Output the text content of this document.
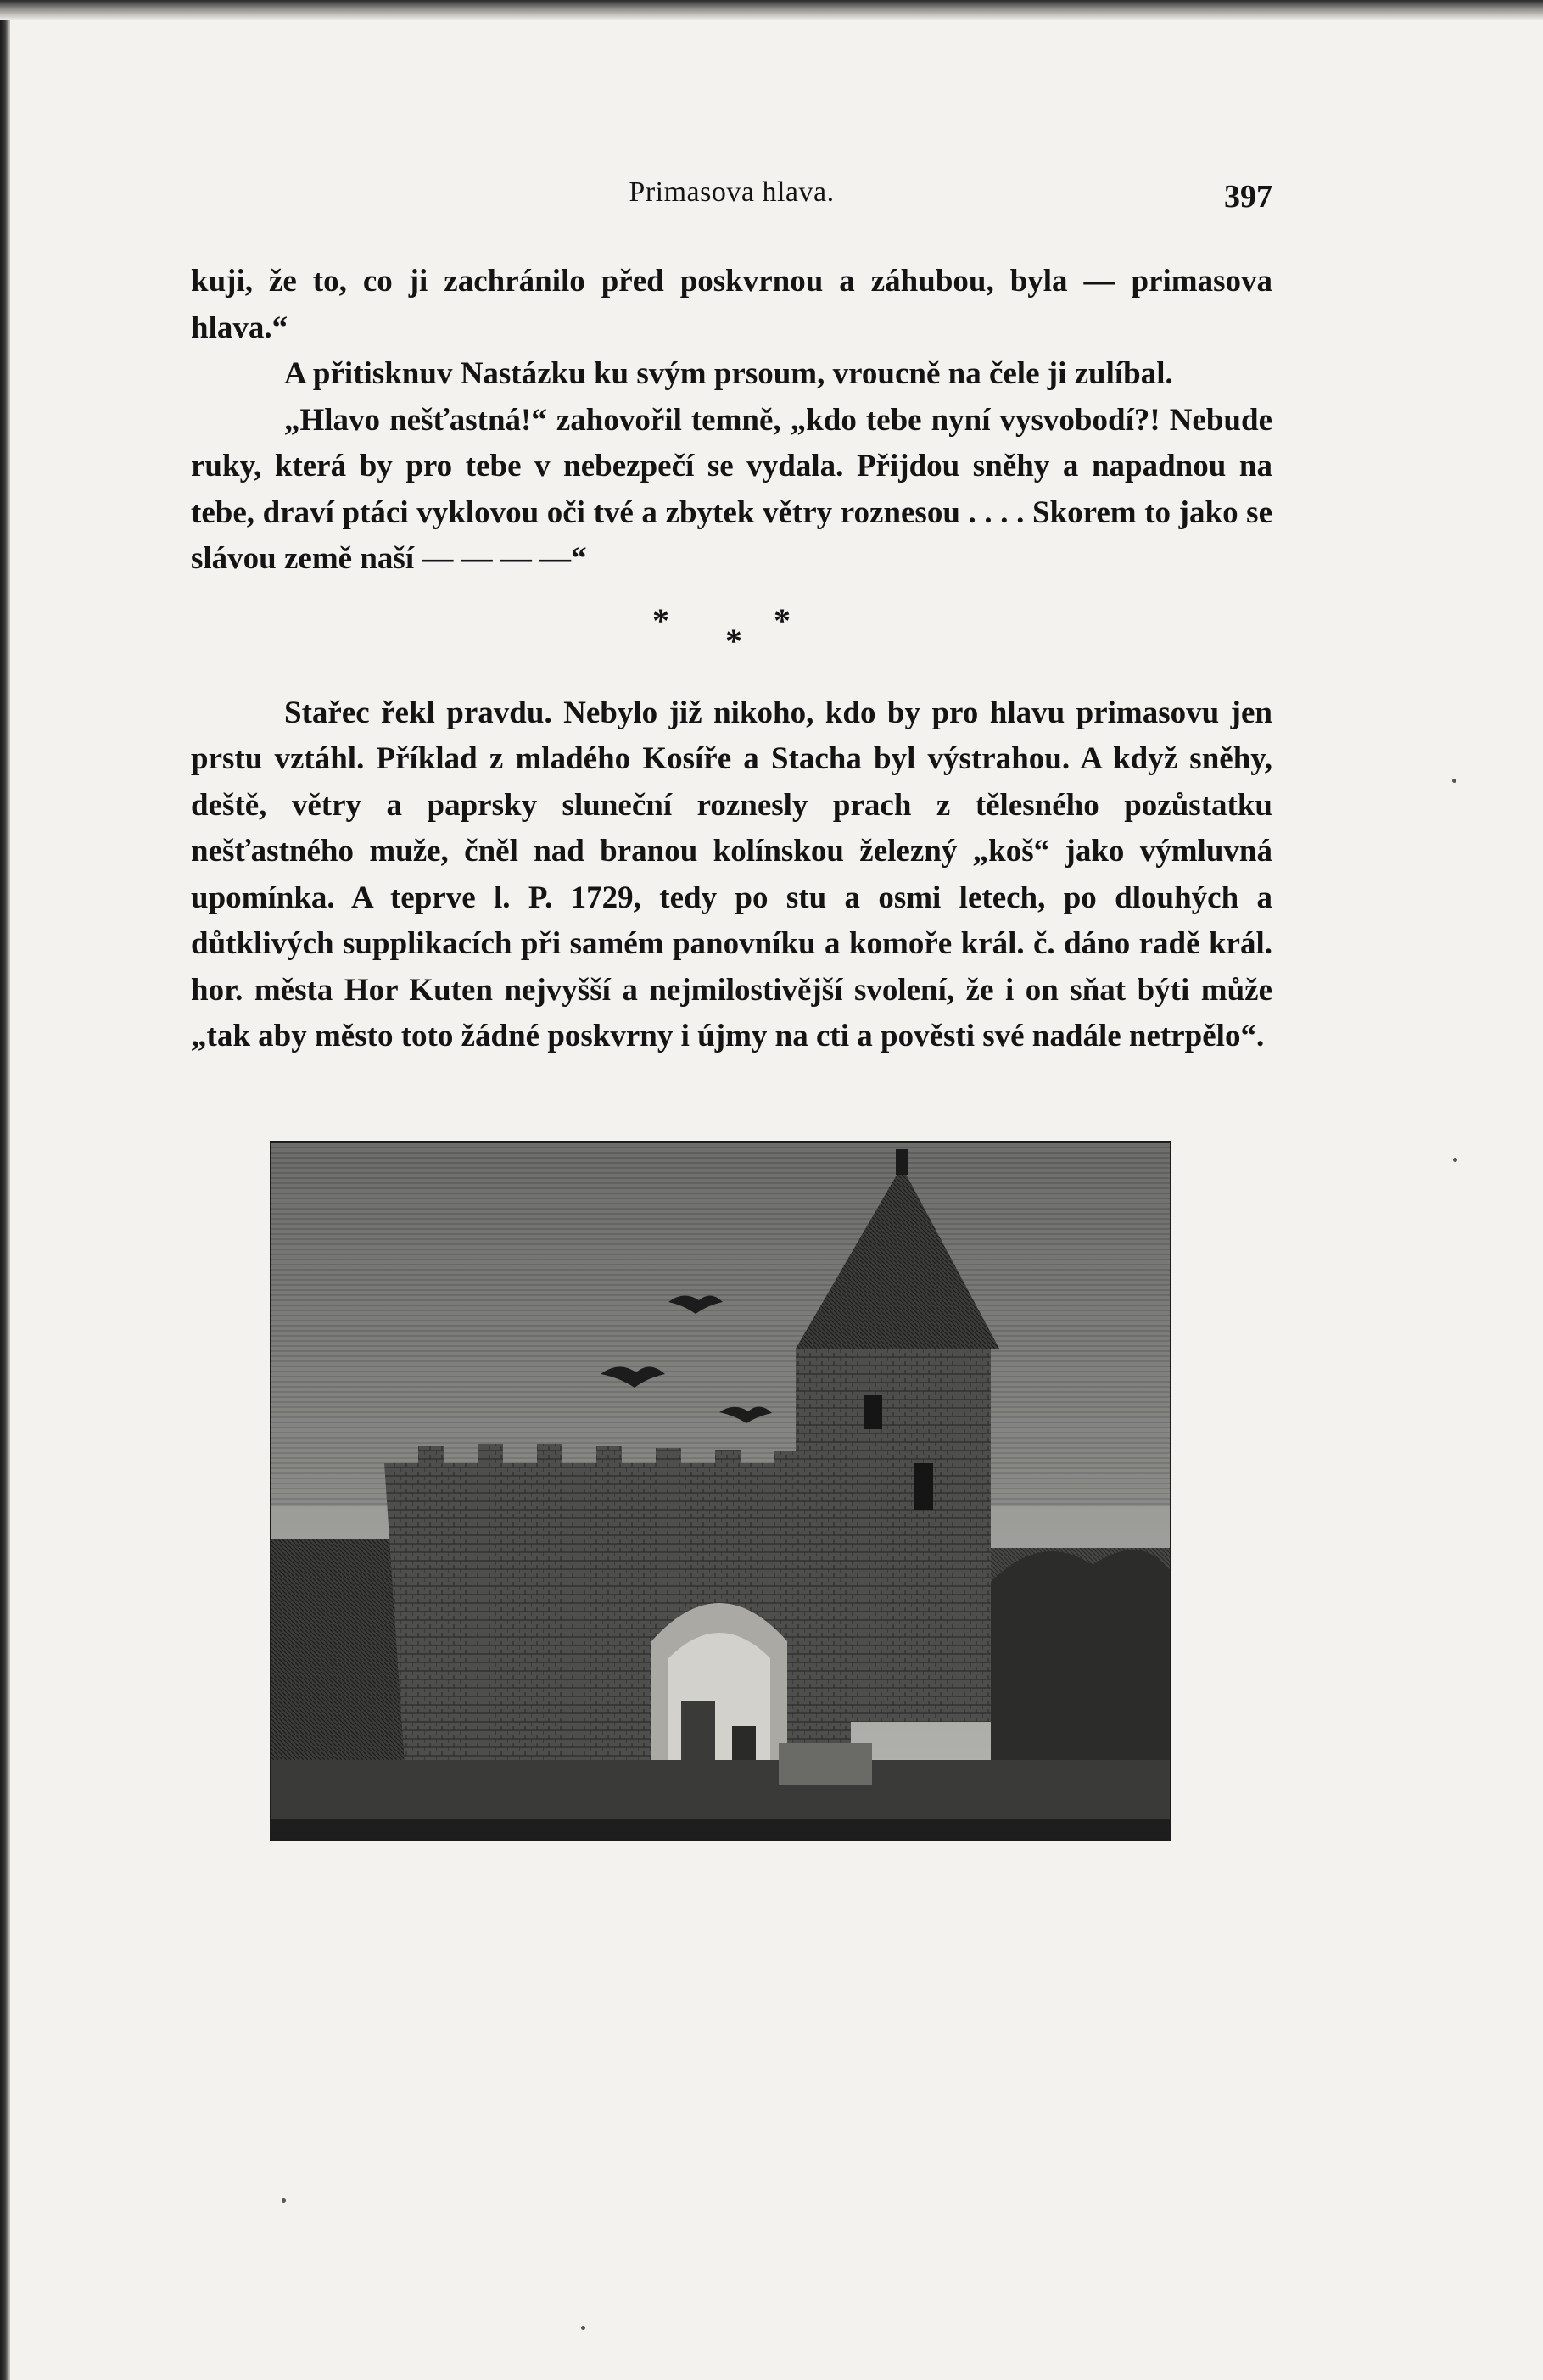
Primasova hlava.	397

kuji, že to, co ji zachránilo před poskvrnou a záhubou, byla — primasova hlava.“

A přitisknuv Nastázku ku svým prsoum, vroucně na čele ji zulíbal.

„Hlavo nešťastná!“ zahovořil temně, „kdo tebe nyní vysvobodí?! Nebude ruky, která by pro tebe v nebezpečí se vydala. Přijdou sněhy a napadnou na tebe, draví ptáci vyklovou oči tvé a zbytek větry roznesou . . . . Skorem to jako se slávou země naší — — — —“

*
*
*

Stařec řekl pravdu. Nebylo již nikoho, kdo by pro hlavu primasovu jen prstu vztáhl. Příklad z mladého Kosíře a Stacha byl výstrahou. A když sněhy, deště, větry a paprsky sluneční roznesly prach z tělesného pozůstatku nešťastného muže, čněl nad branou kolínskou železný „koš“ jako výmluvná upomínka. A teprve l. P. 1729, tedy po stu a osmi letech, po dlouhých a důtklivých supplikacích při samém panovníku a komoře král. č. dáno radě král. hor. města Hor Kuten nejvyšší a nejmilostivější svolení, že i on sňat býti může „tak aby město toto žádné poskvrny i újmy na cti a pověsti své nadále netrpělo“.
